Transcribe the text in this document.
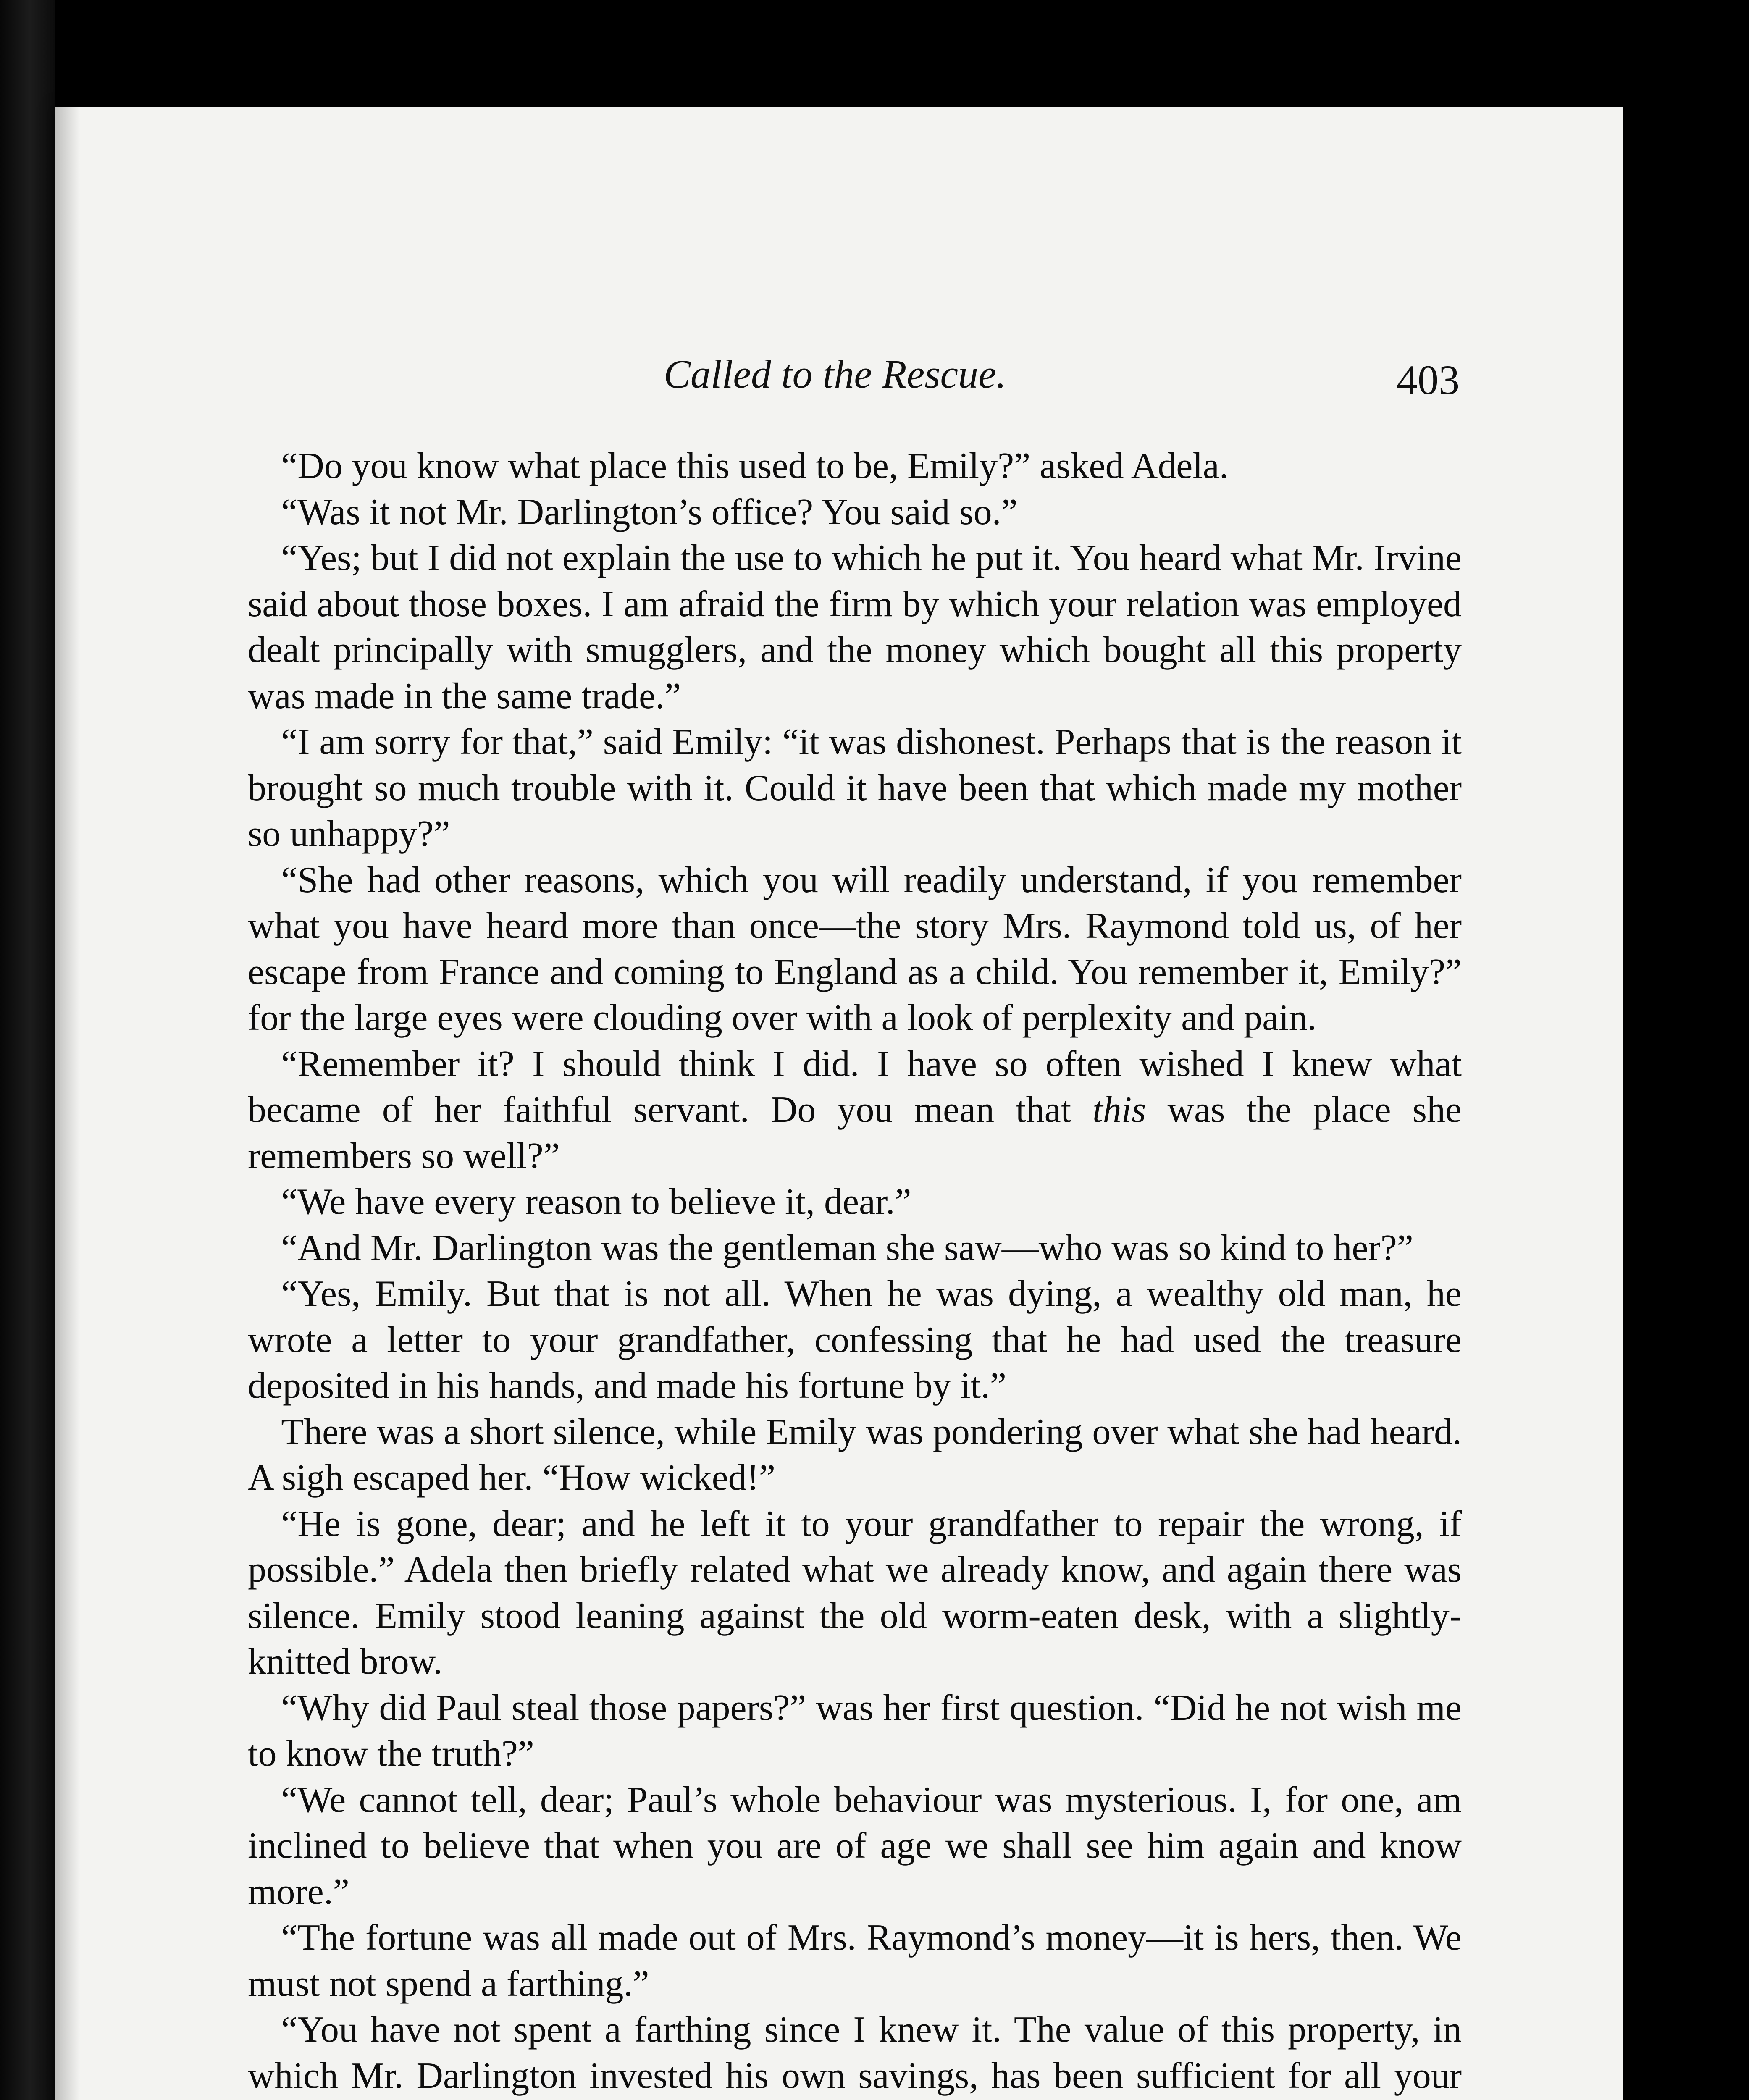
Called to the Rescue.	403

“Do you know what place this used to be, Emily?” asked Adela.

“Was it not Mr. Darlington’s office? You said so.”

“Yes; but I did not explain the use to which he put it. You heard what Mr. Irvine said about those boxes. I am afraid the firm by which your relation was employed dealt principally with smugglers, and the money which bought all this property was made in the same trade.”

“I am sorry for that,” said Emily: “it was dishonest. Perhaps that is the reason it brought so much trouble with it. Could it have been that which made my mother so unhappy?”

“She had other reasons, which you will readily understand, if you remember what you have heard more than once—the story Mrs. Raymond told us, of her escape from France and coming to England as a child. You remember it, Emily?” for the large eyes were clouding over with a look of perplexity and pain.

“Remember it? I should think I did. I have so often wished I knew what became of her faithful servant. Do you mean that this was the place she remembers so well?”

“We have every reason to believe it, dear.”

“And Mr. Darlington was the gentleman she saw—who was so kind to her?”

“Yes, Emily. But that is not all. When he was dying, a wealthy old man, he wrote a letter to your grandfather, confessing that he had used the treasure deposited in his hands, and made his fortune by it.”

There was a short silence, while Emily was pondering over what she had heard. A sigh escaped her. “How wicked!”

“He is gone, dear; and he left it to your grandfather to repair the wrong, if possible.” Adela then briefly related what we already know, and again there was silence. Emily stood leaning against the old worm-eaten desk, with a slightly-knitted brow.

“Why did Paul steal those papers?” was her first question. “Did he not wish me to know the truth?”

“We cannot tell, dear; Paul’s whole behaviour was mysterious. I, for one, am inclined to believe that when you are of age we shall see him again and know more.”

“The fortune was all made out of Mrs. Raymond’s money—it is hers, then. We must not spend a farthing.”

“You have not spent a farthing since I knew it. The value of this property, in which Mr. Darlington invested his own savings, has been sufficient for all your
